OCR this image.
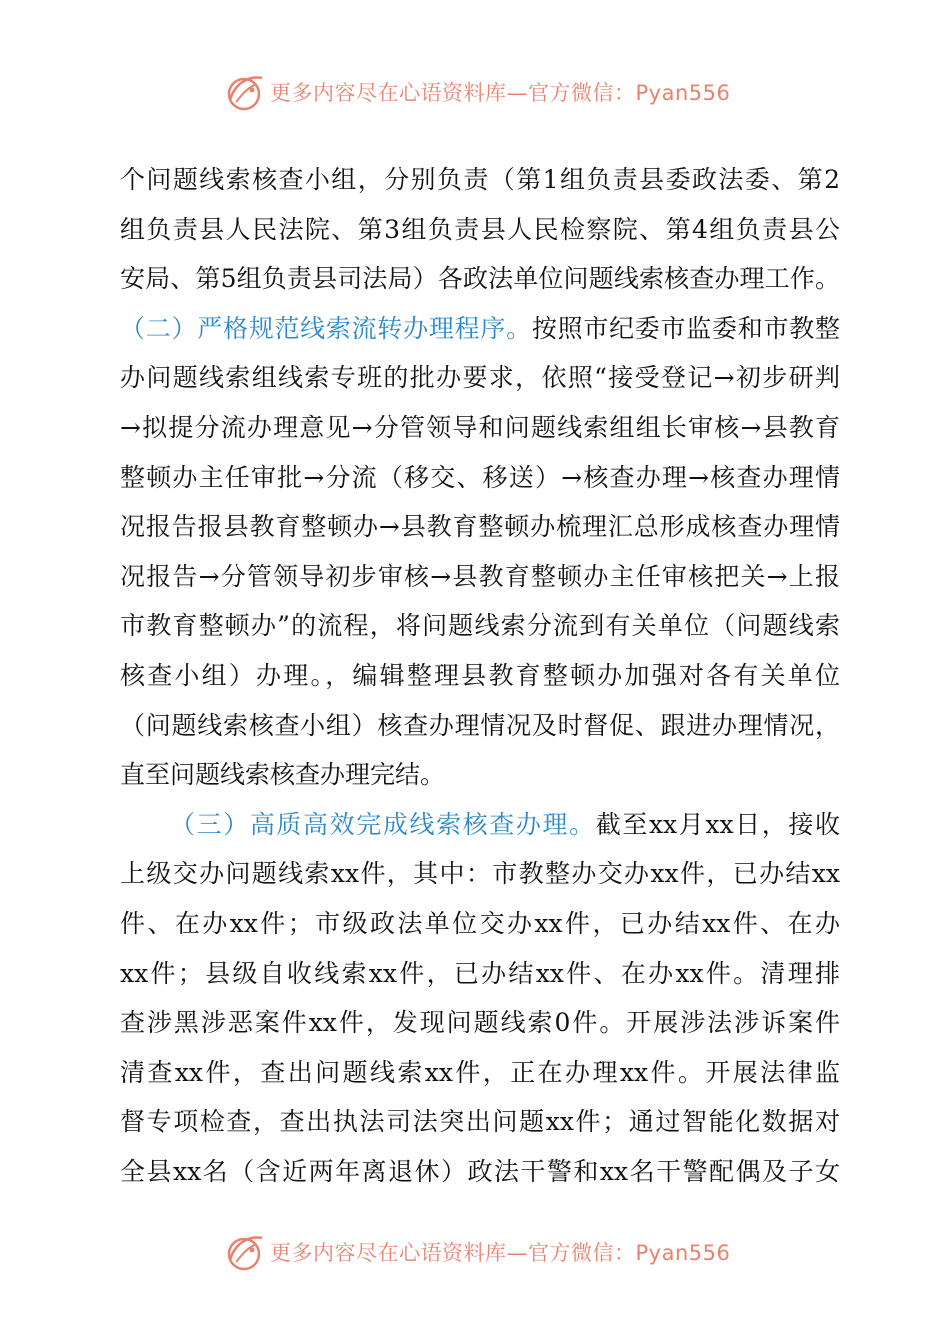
更多内容尽在心语资料库—官方微信：Pyan556
个问题线索核查小组，分别负责（第1组负责县委政法委、第2
组负责县人民法院、第3组负责县人民检察院、第4组负责县公
安局、第5组负责县司法局）各政法单位问题线索核查办理工作。
（二）严格规范线索流转办理程序。按照市纪委市监委和市教整
办问题线索组线索专班的批办要求，依照“接受登记→初步研判
→拟提分流办理意见→分管领导和问题线索组组长审核→县教育
整顿办主任审批→分流（移交、移送）→核查办理→核查办理情
况报告报县教育整顿办→县教育整顿办梳理汇总形成核查办理情
况报告→分管领导初步审核→县教育整顿办主任审核把关→上报
市教育整顿办”的流程，将问题线索分流到有关单位（问题线索
核查小组）办理。，编辑整理县教育整顿办加强对各有关单位
（问题线索核查小组）核查办理情况及时督促、跟进办理情况，
直至问题线索核查办理完结。
（三）高质高效完成线索核查办理。截至xx月xx日，接收
上级交办问题线索xx件，其中：市教整办交办xx件，已办结xx
件、在办xx件；市级政法单位交办xx件，已办结xx件、在办
xx件；县级自收线索xx件，已办结xx件、在办xx件。清理排
查涉黑涉恶案件xx件，发现问题线索0件。开展涉法涉诉案件
清查xx件，查出问题线索xx件，正在办理xx件。开展法律监
督专项检查，查出执法司法突出问题xx件；通过智能化数据对
全县xx名（含近两年离退休）政法干警和xx名干警配偶及子女
更多内容尽在心语资料库—官方微信：Pyan556
